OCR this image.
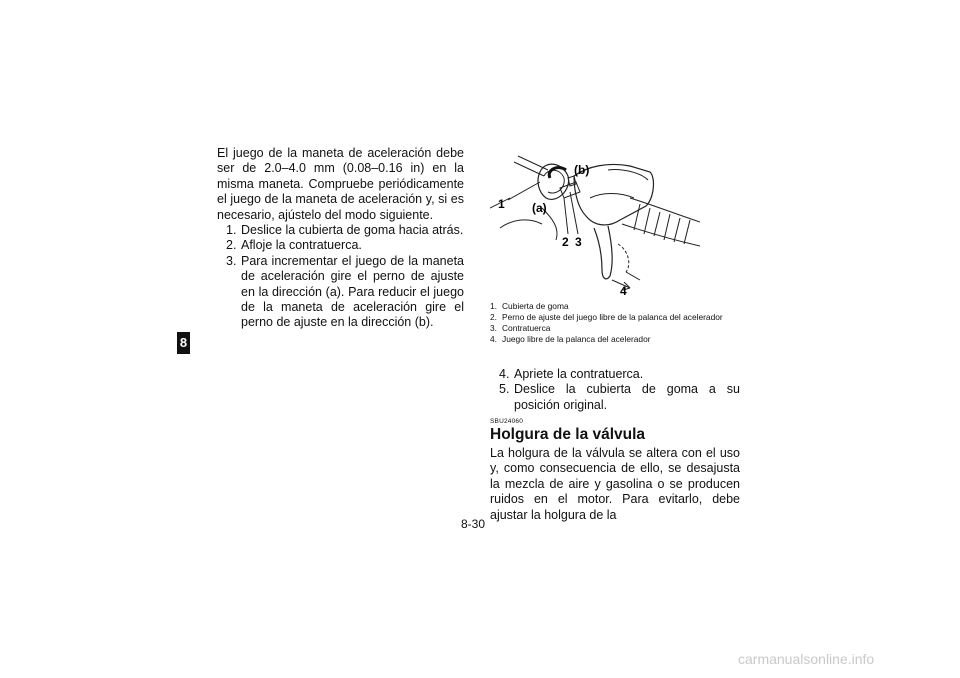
8
El juego de la maneta de aceleración debe ser de 2.0–4.0 mm (0.08–0.16 in) en la misma maneta. Compruebe periódicamente el juego de la maneta de aceleración y, si es necesario, ajústelo del modo siguiente.
1. Deslice la cubierta de goma hacia atrás.
2. Afloje la contratuerca.
3. Para incrementar el juego de la maneta de aceleración gire el perno de ajuste en la dirección (a). Para reducir el juego de la maneta de aceleración gire el perno de ajuste en la dirección (b).
1 (a)
(b)
2 3
4
1. Cubierta de goma
2. Perno de ajuste del juego libre de la palanca del acelerador
3. Contratuerca
4. Juego libre de la palanca del acelerador
4. Apriete la contratuerca.
5. Deslice la cubierta de goma a su posición original.
SBU24060
Holgura de la válvula
La holgura de la válvula se altera con el uso y, como consecuencia de ello, se desajusta la mezcla de aire y gasolina o se producen ruidos en el motor. Para evitarlo, debe ajustar la holgura de la
8-30
carmanualsonline.info
